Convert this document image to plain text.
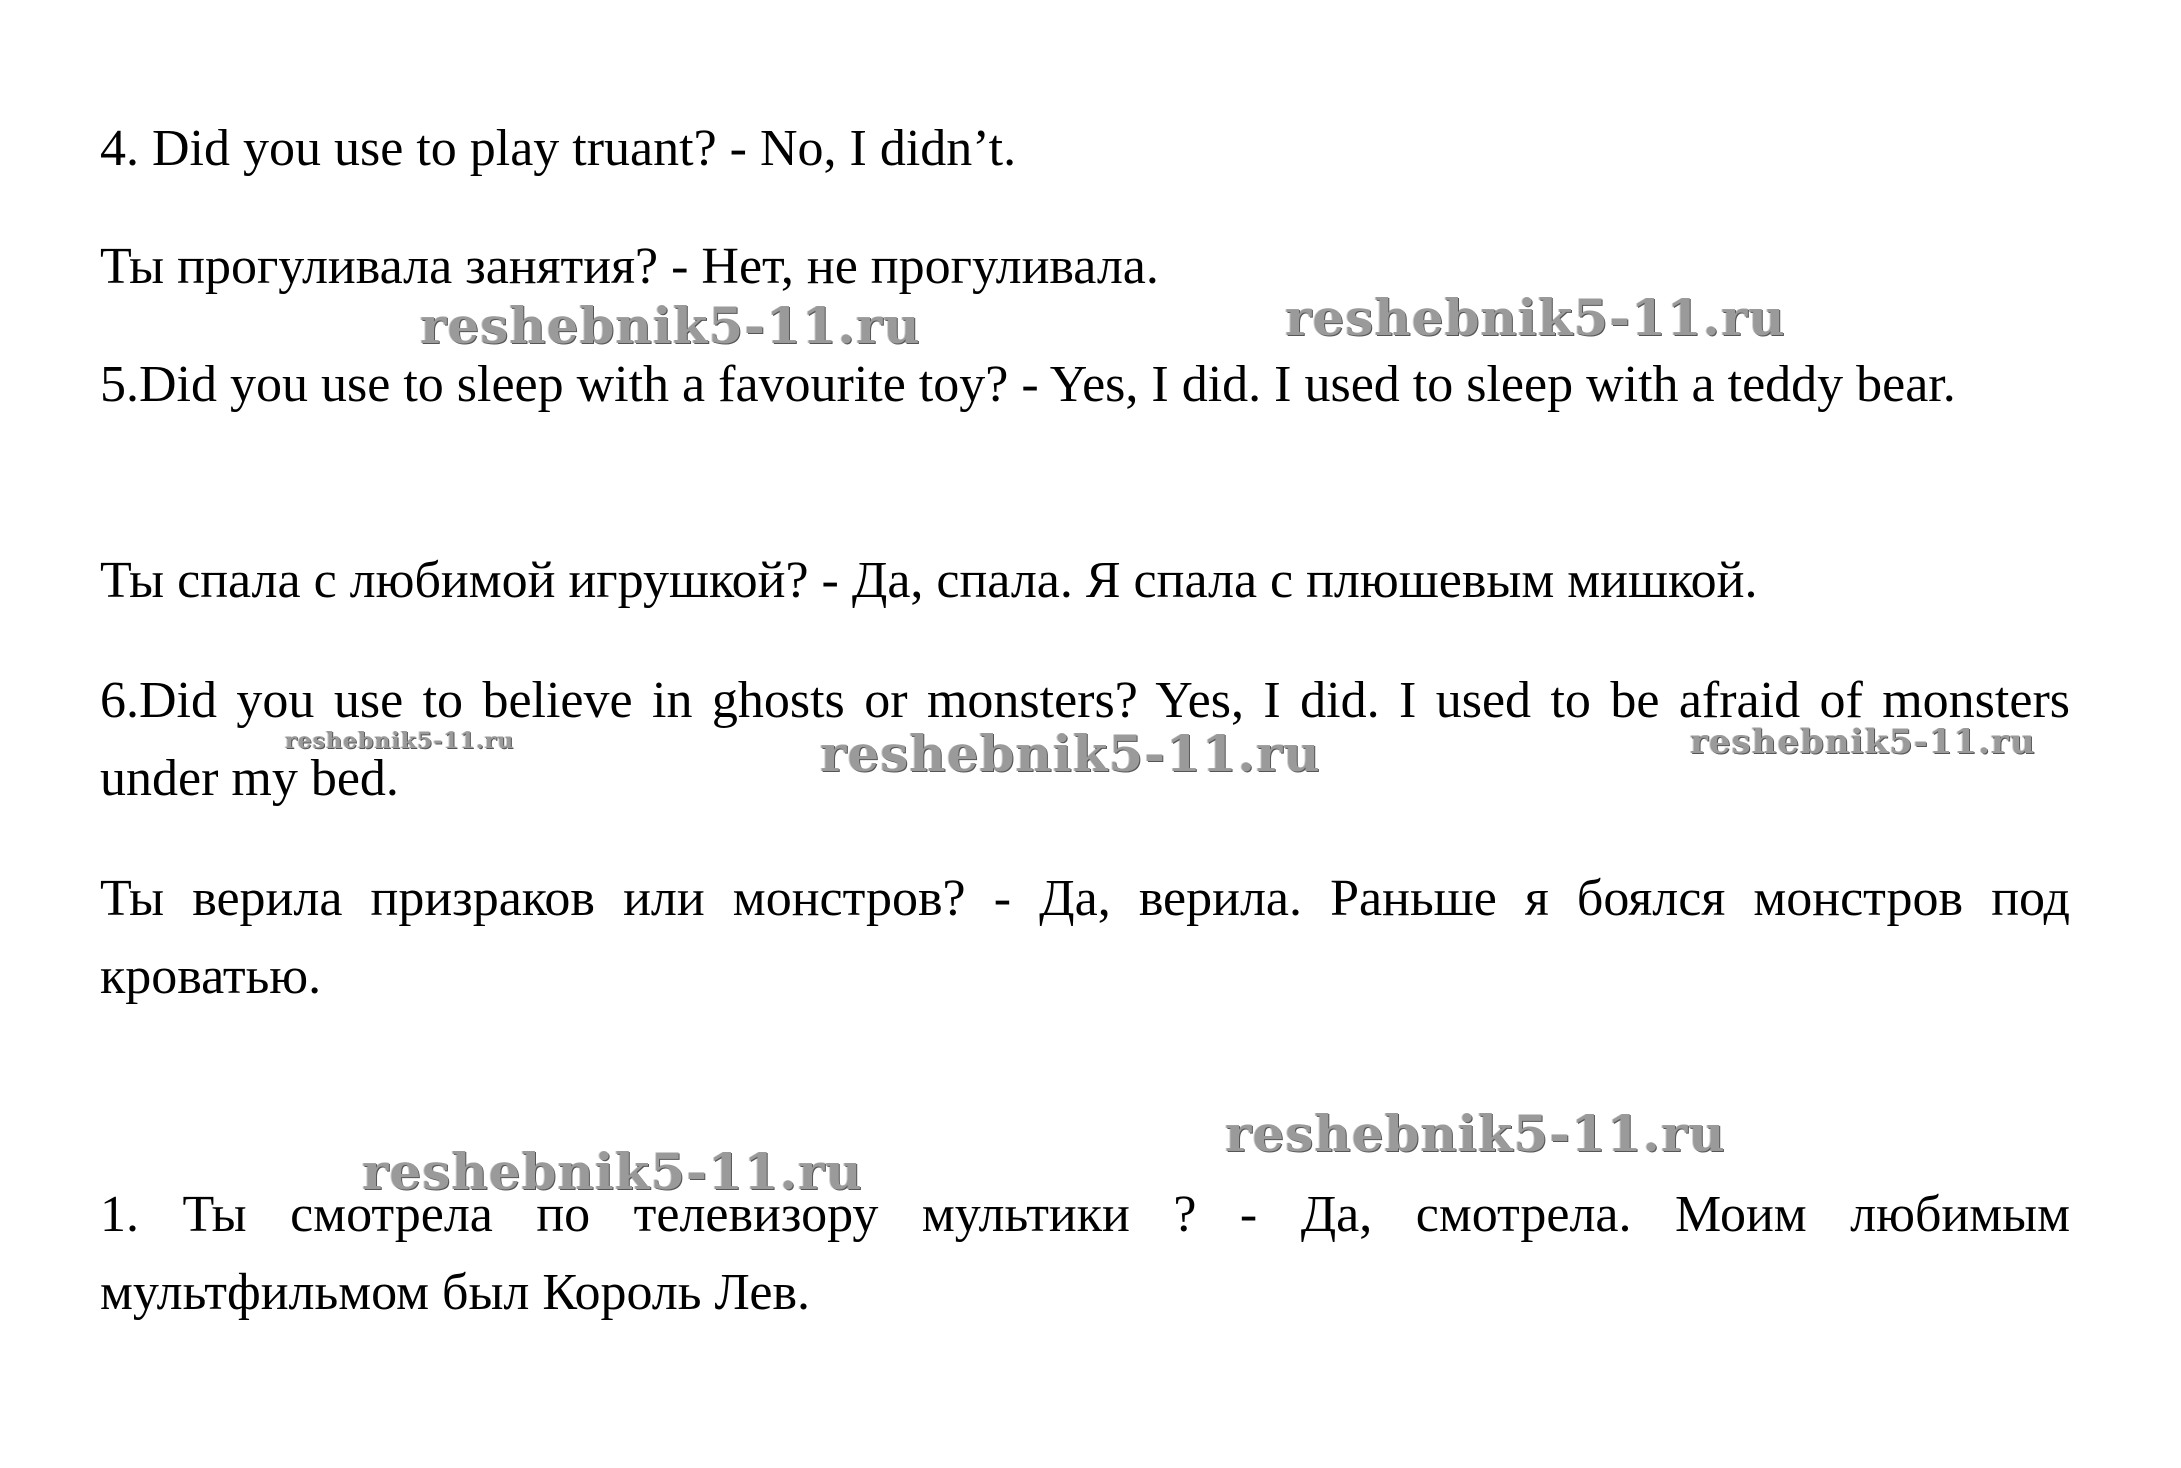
4. Did you use to play truant? - No, I didn’t.

Ты прогуливала занятия? - Нет, не прогуливала.

5.Did you use to sleep with a favourite toy? - Yes, I did. I used to sleep with a teddy bear.

Ты спала с любимой игрушкой? - Да, спала. Я спала с плюшевым мишкой.

6.Did you use to believe in ghosts or monsters? Yes, I did. I used to be afraid of monsters under my bed.

Ты верила призраков или монстров? - Да, верила. Раньше я боялся монстров под кроватью.

1. Ты смотрела по телевизору мультики ? - Да, смотрела. Моим любимым мультфильмом был Король Лев.

reshebnik5-11.ru	reshebnik5-11.ru
reshebnik5-11.ru	reshebnik5-11.ru	reshebnik5-11.ru
reshebnik5-11.ru
reshebnik5-11.ru
